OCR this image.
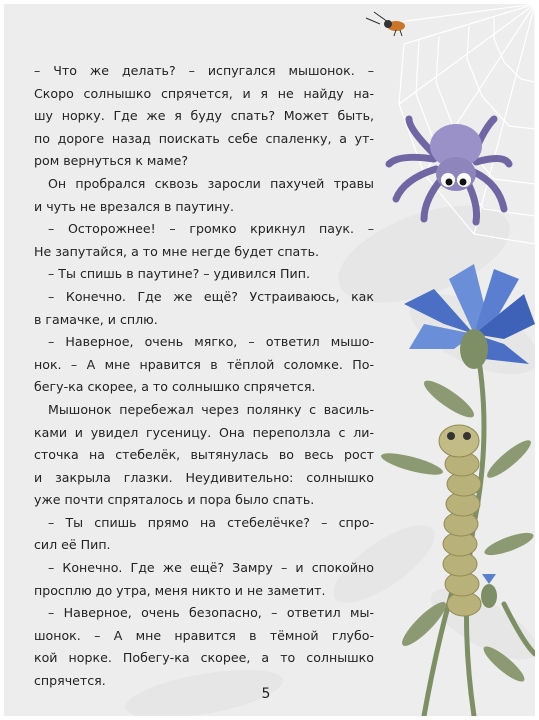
– Что же делать? – испугался мышонок. –
Скоро солнышко спрячется, и я не найду на-
шу норку. Где же я буду спать? Может быть,
по дороге назад поискать себе спаленку, а ут-
ром вернуться к маме?
Он пробрался сквозь заросли пахучей травы
и чуть не врезался в паутину.
– Осторожнее! – громко крикнул паук. –
Не запутайся, а то мне негде будет спать.
– Ты спишь в паутине? – удивился Пип.
– Конечно. Где же ещё? Устраиваюсь, как
в гамачке, и сплю.
– Наверное, очень мягко, – ответил мышо-
нок. – А мне нравится в тёплой соломке. По-
бегу-ка скорее, а то солнышко спрячется.
Мышонок перебежал через полянку с василь-
ками и увидел гусеницу. Она переползла с ли-
сточка на стебелёк, вытянулась во весь рост
и закрыла глазки. Неудивительно: солнышко
уже почти спряталось и пора было спать.
– Ты спишь прямо на стебелёчке? – спро-
сил её Пип.
– Конечно. Где же ещё? Замру – и спокойно
просплю до утра, меня никто и не заметит.
– Наверное, очень безопасно, – ответил мы-
шонок. – А мне нравится в тёмной глубо-
кой норке. Побегу-ка скорее, а то солнышко
спрячется.
5
